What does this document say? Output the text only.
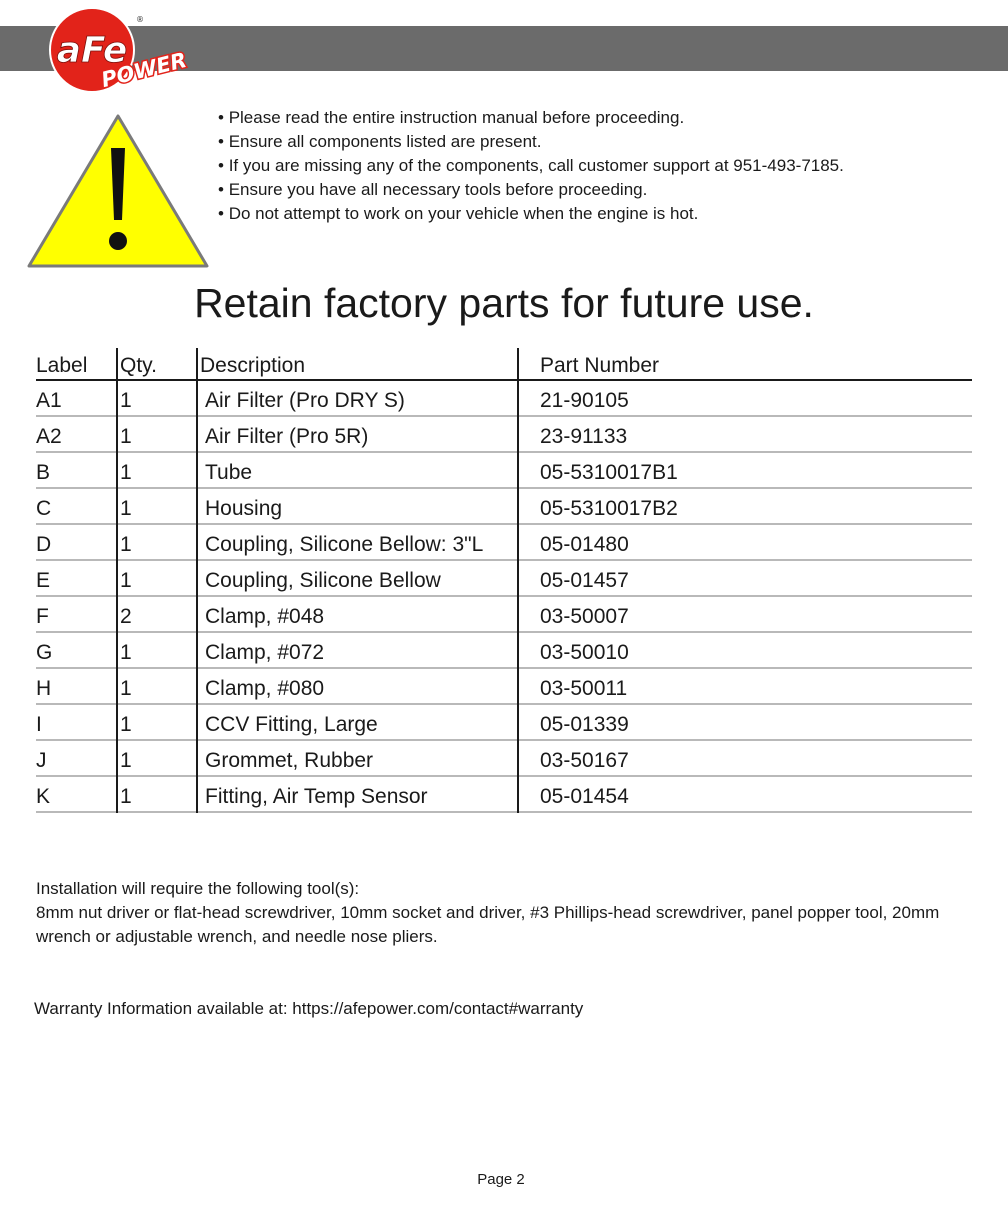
aFe
POWER
®
• Please read the entire instruction manual before proceeding.
• Ensure all components listed are present.
• If you are missing any of the components, call customer support at 951-493-7185.
• Ensure you have all necessary tools before proceeding.
• Do not attempt to work on your vehicle when the engine is hot.
Retain factory parts for future use.
Label Qty. Description	Part Number
A1	1	Air Filter (Pro DRY S)	21-90105
A2	1	Air Filter (Pro 5R)	23-91133
B	1	Tube	05-5310017B1
C	1	Housing	05-5310017B2
D	1	Coupling, Silicone Bellow: 3"L	05-01480
E	1	Coupling, Silicone Bellow	05-01457
F	2	Clamp, #048	03-50007
G	1	Clamp, #072	03-50010
H	1	Clamp, #080	03-50011
I	1	CCV Fitting, Large	05-01339
J	1	Grommet, Rubber	03-50167
K	1	Fitting, Air Temp Sensor	05-01454

Installation will require the following tool(s):

8mm nut driver or flat-head screwdriver, 10mm socket and driver, #3 Phillips-head screwdriver, panel popper tool, 20mm wrench or adjustable wrench, and needle nose pliers.

Warranty Information available at: https://afepower.com/contact#warranty
Page 2
